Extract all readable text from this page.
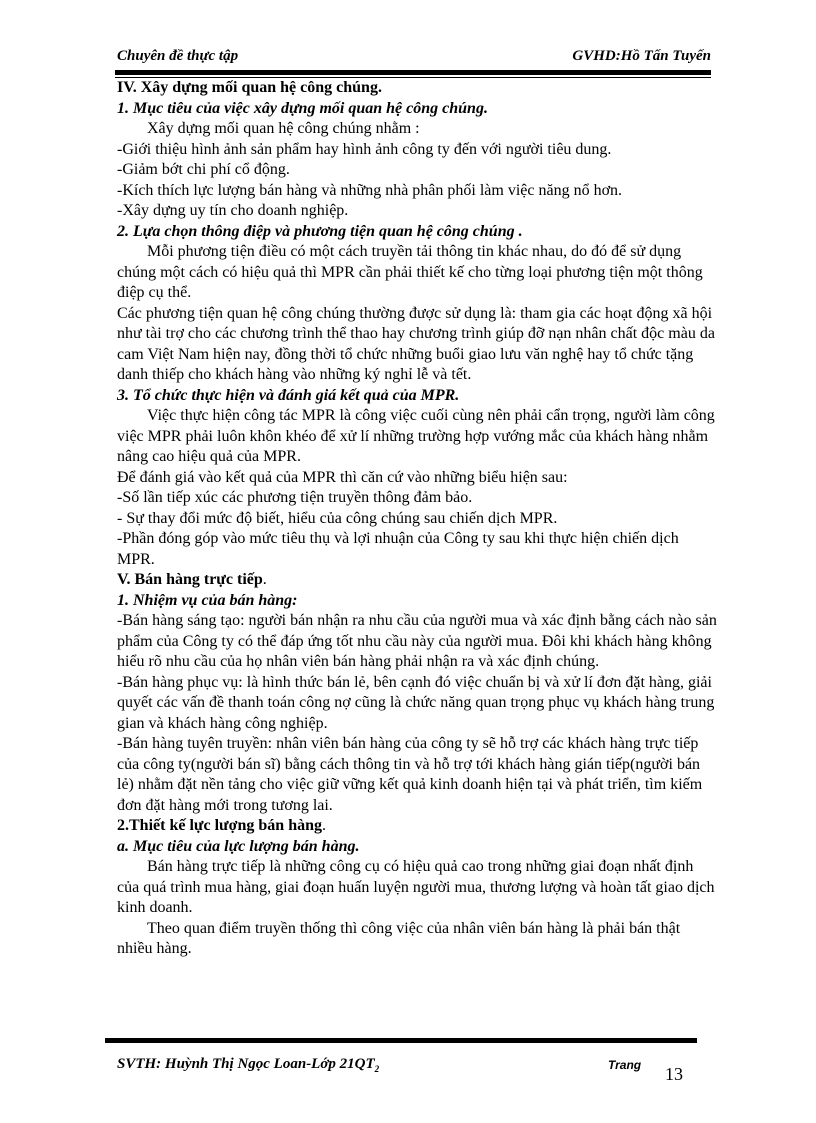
Chuyên đề thực tập	GVHD:Hồ Tấn Tuyến

IV. Xây dựng mối quan hệ công chúng.

1. Mục tiêu của việc xây dựng mối quan hệ công chúng.

Xây dựng mối quan hệ công chúng nhằm :

-Giới thiệu hình ảnh sản phẩm hay hình ảnh công ty đến với người tiêu dung.

-Giảm bớt chi phí cổ động.

-Kích thích lực lượng bán hàng và những nhà phân phối làm việc năng nổ hơn.

-Xây dựng uy tín cho doanh nghiệp.

2. Lựa chọn thông điệp và phương tiện quan hệ công chúng .

Mỗi phương tiện điều có một cách truyền tải thông tin khác nhau, do đó để sử dụng chúng một cách có hiệu quả thì MPR cần phải thiết kế cho từng loại phương tiện một thông điệp cụ thể.

Các phương tiện quan hệ công chúng thường được sử dụng là: tham gia các hoạt động xã hội như tài trợ cho các chương trình thể thao hay chương trình giúp đỡ nạn nhân chất độc màu da cam Việt Nam hiện nay, đồng thời tổ chức những buổi giao lưu văn nghệ hay tổ chức tặng danh thiếp cho khách hàng vào những ký nghỉ lễ và tết.

3. Tổ chức thực hiện và đánh giá kết quả của MPR.

Việc thực hiện công tác MPR là công việc cuối cùng nên phải cẩn trọng, người làm công việc MPR phải luôn khôn khéo để xử lí những trường hợp vướng mắc của khách hàng nhằm nâng cao hiệu quả của MPR.

Để đánh giá vào kết quả của MPR thì căn cứ vào những biểu hiện sau:

-Số lần tiếp xúc các phương tiện truyền thông đảm bảo.

- Sự thay đổi mức độ biết, hiểu của công chúng sau chiến dịch MPR.

-Phần đóng góp vào mức tiêu thụ và lợi nhuận của Công ty sau khi thực hiện chiến dịch MPR.

V. Bán hàng trực tiếp.

1. Nhiệm vụ của bán hàng:

-Bán hàng sáng tạo: người bán nhận ra nhu cầu của người mua và xác định bằng cách nào sản phẩm của Công ty có thể đáp ứng tốt nhu cầu này của người mua. Đôi khi khách hàng không hiểu rõ nhu cầu của họ nhân viên bán hàng phải nhận ra và xác định chúng.

-Bán hàng phục vụ: là hình thức bán lẻ, bên cạnh đó việc chuẩn bị và xử lí đơn đặt hàng, giải quyết các vấn đề thanh toán công nợ cũng là chức năng quan trọng phục vụ khách hàng trung gian và khách hàng công nghiệp.

-Bán hàng tuyên truyền: nhân viên bán hàng của công ty sẽ hỗ trợ các khách hàng trực tiếp của công ty(người bán sĩ) bằng cách thông tin và hỗ trợ tới khách hàng gián tiếp(người bán lẻ) nhằm đặt nền tảng cho việc giữ vững kết quả kinh doanh hiện tại và phát triển, tìm kiếm đơn đặt hàng mới trong tương lai.

2.Thiết kế lực lượng bán hàng.

a. Mục tiêu của lực lượng bán hàng.

Bán hàng trực tiếp là những công cụ có hiệu quả cao trong những giai đoạn nhất định của quá trình mua hàng, giai đoạn huấn luyện người mua, thương lượng và hoàn tất giao dịch kinh doanh.

Theo quan điểm truyền thống thì công việc của nhân viên bán hàng là phải bán thật nhiều hàng.

SVTH: Huỳnh Thị Ngọc Loan-Lớp $21QT_2$	Trang 13
